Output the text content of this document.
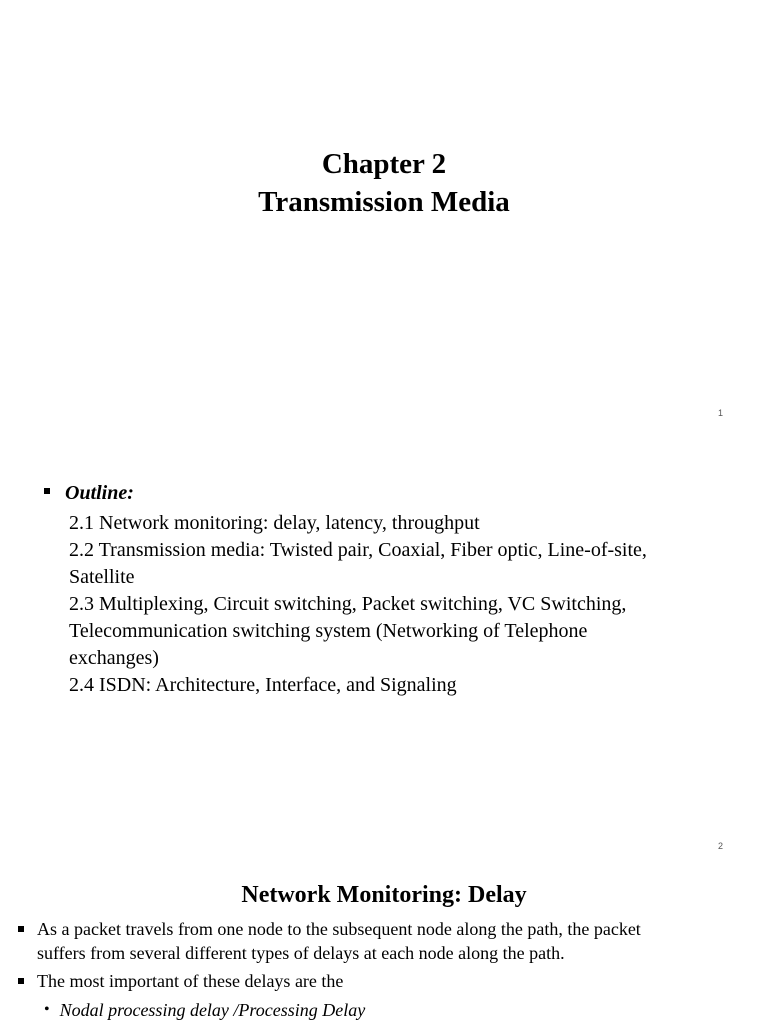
Chapter 2
Transmission Media
1
Outline:
2.1 Network monitoring: delay, latency, throughput
2.2 Transmission media: Twisted pair, Coaxial, Fiber optic, Line-of-site,
Satellite
2.3 Multiplexing, Circuit switching, Packet switching, VC Switching,
Telecommunication switching system (Networking of Telephone
exchanges)
2.4 ISDN: Architecture, Interface, and Signaling
2
Network Monitoring: Delay
As a packet travels from one node to the subsequent node along the path, the packet
suffers from several different types of delays at each node along the path.
The most important of these delays are the
• Nodal processing delay /Processing Delay
